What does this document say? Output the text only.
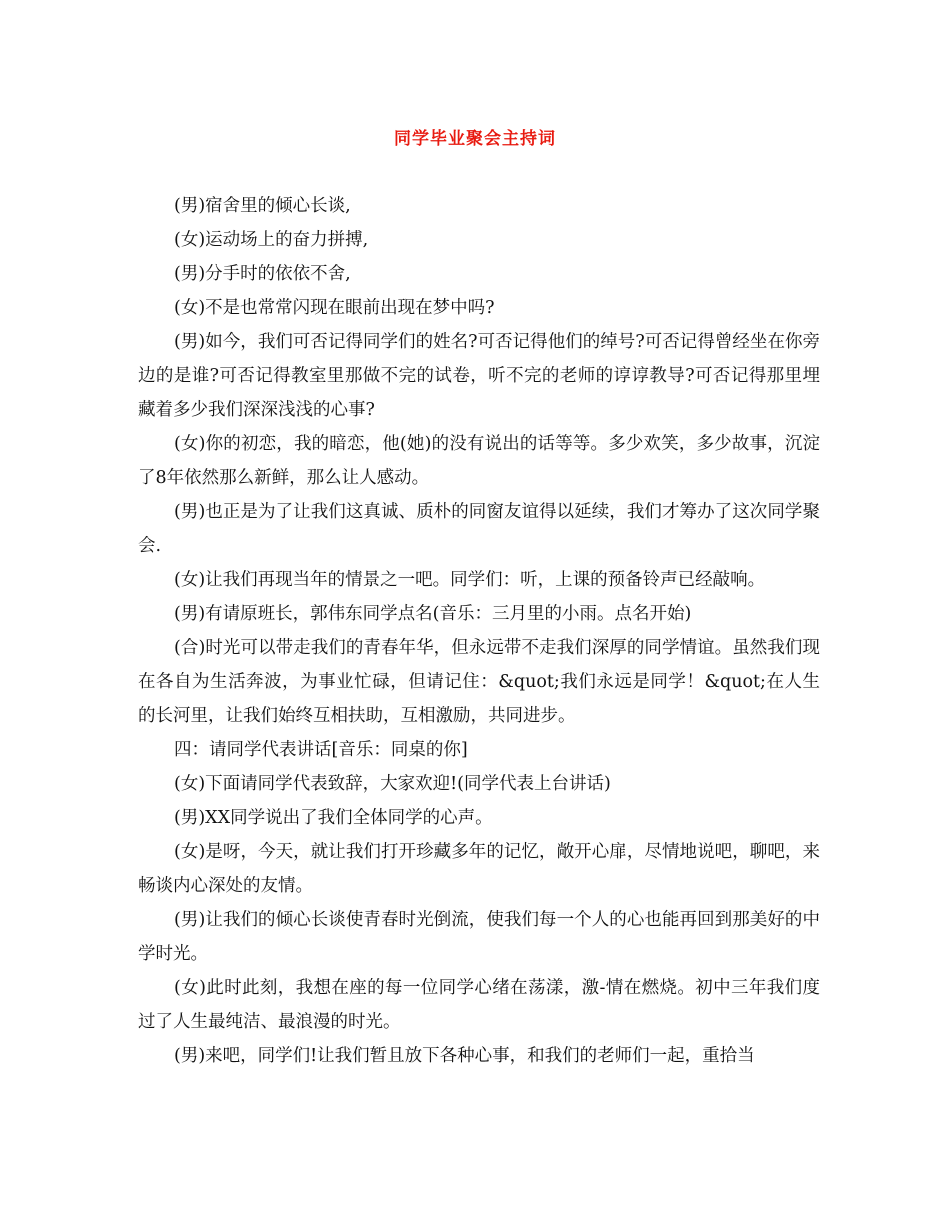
同学毕业聚会主持词

(男)宿舍里的倾心长谈,

(女)运动场上的奋力拼搏,

(男)分手时的依依不舍,

(女)不是也常常闪现在眼前出现在梦中吗?

(男)如今，我们可否记得同学们的姓名?可否记得他们的绰号?可否记得曾经坐在你旁边的是谁?可否记得教室里那做不完的试卷，听不完的老师的谆谆教导?可否记得那里埋藏着多少我们深深浅浅的心事?

(女)你的初恋，我的暗恋，他(她)的没有说出的话等等。多少欢笑，多少故事，沉淀了8年依然那么新鲜，那么让人感动。

(男)也正是为了让我们这真诚、质朴的同窗友谊得以延续，我们才筹办了这次同学聚会.

(女)让我们再现当年的情景之一吧。同学们：听，上课的预备铃声已经敲响。

(男)有请原班长，郭伟东同学点名(音乐：三月里的小雨。点名开始)

(合)时光可以带走我们的青春年华，但永远带不走我们深厚的同学情谊。虽然我们现在各自为生活奔波，为事业忙碌，但请记住：&quot;我们永远是同学！&quot;在人生的长河里，让我们始终互相扶助，互相激励，共同进步。

四：请同学代表讲话[音乐：同桌的你]

(女)下面请同学代表致辞，大家欢迎!(同学代表上台讲话)

(男)XX同学说出了我们全体同学的心声。

(女)是呀，今天，就让我们打开珍藏多年的记忆，敞开心扉，尽情地说吧，聊吧，来畅谈内心深处的友情。

(男)让我们的倾心长谈使青春时光倒流，使我们每一个人的心也能再回到那美好的中学时光。

(女)此时此刻，我想在座的每一位同学心绪在荡漾，激-情在燃烧。初中三年我们度过了人生最纯洁、最浪漫的时光。

(男)来吧，同学们!让我们暂且放下各种心事，和我们的老师们一起，重拾当
